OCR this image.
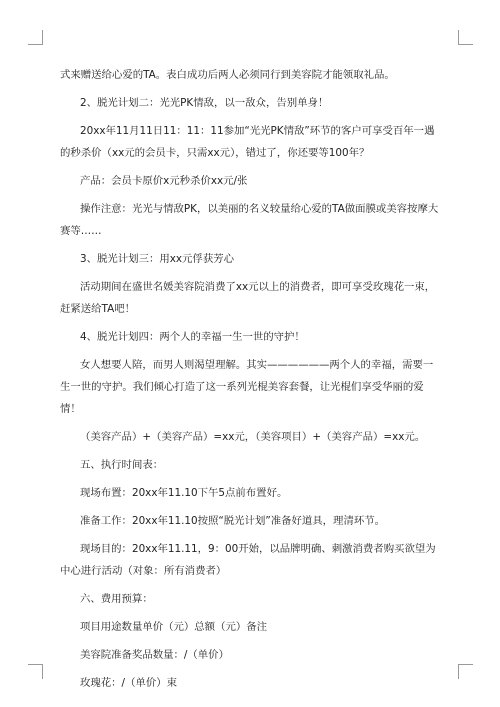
式来赠送给心爱的TA。表白成功后两人必须同行到美容院才能领取礼品。

2、脱光计划二：光光PK情敌，以一敌众，告别单身！

20xx年11月11日11：11：11参加“光光PK情敌”环节的客户可享受百年一遇的秒杀价（xx元的会员卡，只需xx元），错过了，你还要等100年？

产品：会员卡原价x元秒杀价xx元/张

操作注意：光光与情敌PK，以美丽的名义较量给心爱的TA做面膜或美容按摩大赛等……

3、脱光计划三：用xx元俘获芳心

活动期间在盛世名媛美容院消费了xx元以上的消费者，即可享受玫瑰花一束，赶紧送给TA吧！

4、脱光计划四：两个人的幸福一生一世的守护！

女人想要人陪，而男人则渴望理解。其实——————两个人的幸福，需要一生一世的守护。我们倾心打造了这一系列光棍美容套餐，让光棍们享受华丽的爱情！

（美容产品）+（美容产品）=xx元，（美容项目）+（美容产品）=xx元。

五、执行时间表：

现场布置：20xx年11.10下午5点前布置好。

准备工作：20xx年11.10按照“脱光计划”准备好道具，理清环节。

现场目的：20xx年11.11，9：00开始，以品牌明确、刺激消费者购买欲望为中心进行活动（对象：所有消费者）

六、费用预算：

项目用途数量单价（元）总额（元）备注

美容院准备奖品数量：/（单价）

玫瑰花：/（单价）束
